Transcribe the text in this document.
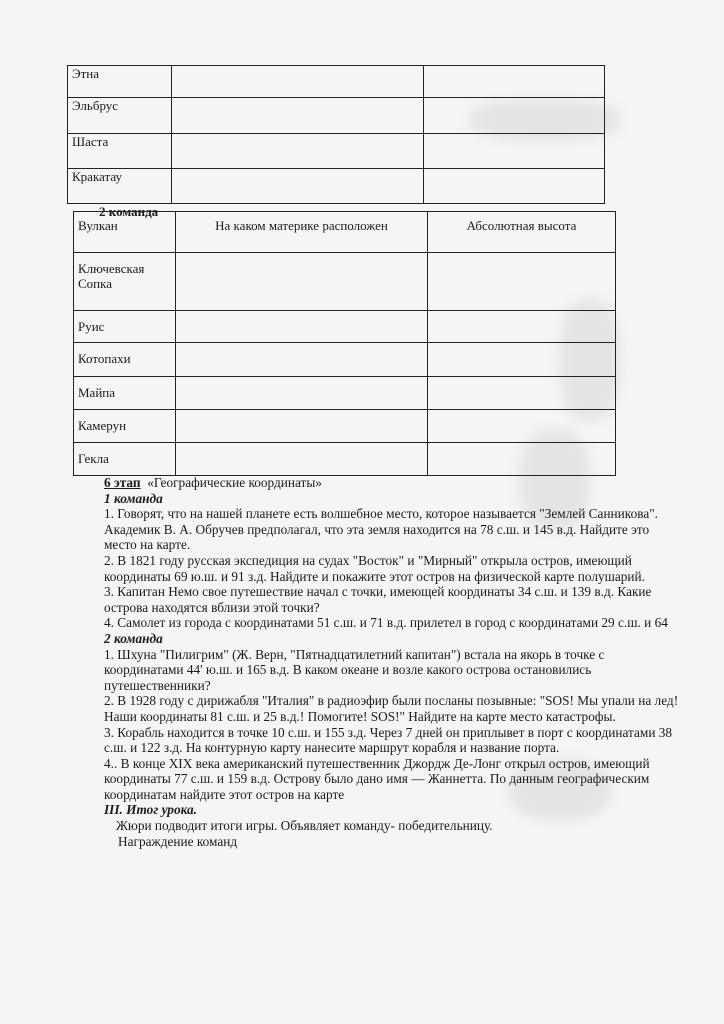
Этна		
Эльбрус		
Шаста		
Кракатау		
2 команда
Вулкан	На каком материке расположен	Абсолютная высота
Ключевская Сопка		
Руис		
Котопахи		
Майпа		
Камерун		
Гекла		

6 этап «Географические координаты»

1 команда

1. Говорят, что на нашей планете есть волшебное место, которое называется "Землей Санникова". Академик В. А. Обручев предполагал, что эта земля находится на 78 с.ш. и 145 в.д. Найдите это место на карте.

2. В 1821 году русская экспедиция на судах "Восток" и "Мирный" открыла остров, имеющий координаты 69 ю.ш. и 91 з.д. Найдите и покажите этот остров на физической карте полушарий.

3. Капитан Немо свое путешествие начал с точки, имеющей координаты 34 с.ш. и 139 в.д. Какие острова находятся вблизи этой точки?

4. Самолет из города с координатами 51 с.ш. и 71 в.д. прилетел в город с координатами 29 с.ш. и 64

2 команда

1. Шхуна "Пилигрим" (Ж. Верн, "Пятнадцатилетний капитан") встала на якорь в точке с координатами 44' ю.ш. и 165 в.д. В каком океане и возле какого острова остановились путешественники?

2. В 1928 году с дирижабля "Италия" в радиоэфир были посланы позывные: "SOS! Мы упали на лед! Наши координаты 81 с.ш. и 25 в.д.! Помогите! SOS!" Найдите на карте место катастрофы.

3. Корабль находится в точке 10 с.ш. и 155 з.д. Через 7 дней он приплывет в порт с координатами 38 с.ш. и 122 з.д. На контурную карту нанесите маршрут корабля и название порта.

4.. В конце XIX века американский путешественник Джордж Де-Лонг открыл остров, имеющий координаты 77 с.ш. и 159 в.д. Острову было дано имя — Жаннетта. По данным географическим координатам найдите этот остров на карте

III. Итог урока.

Жюри подводит итоги игры. Объявляет команду- победительницу.

Награждение команд
